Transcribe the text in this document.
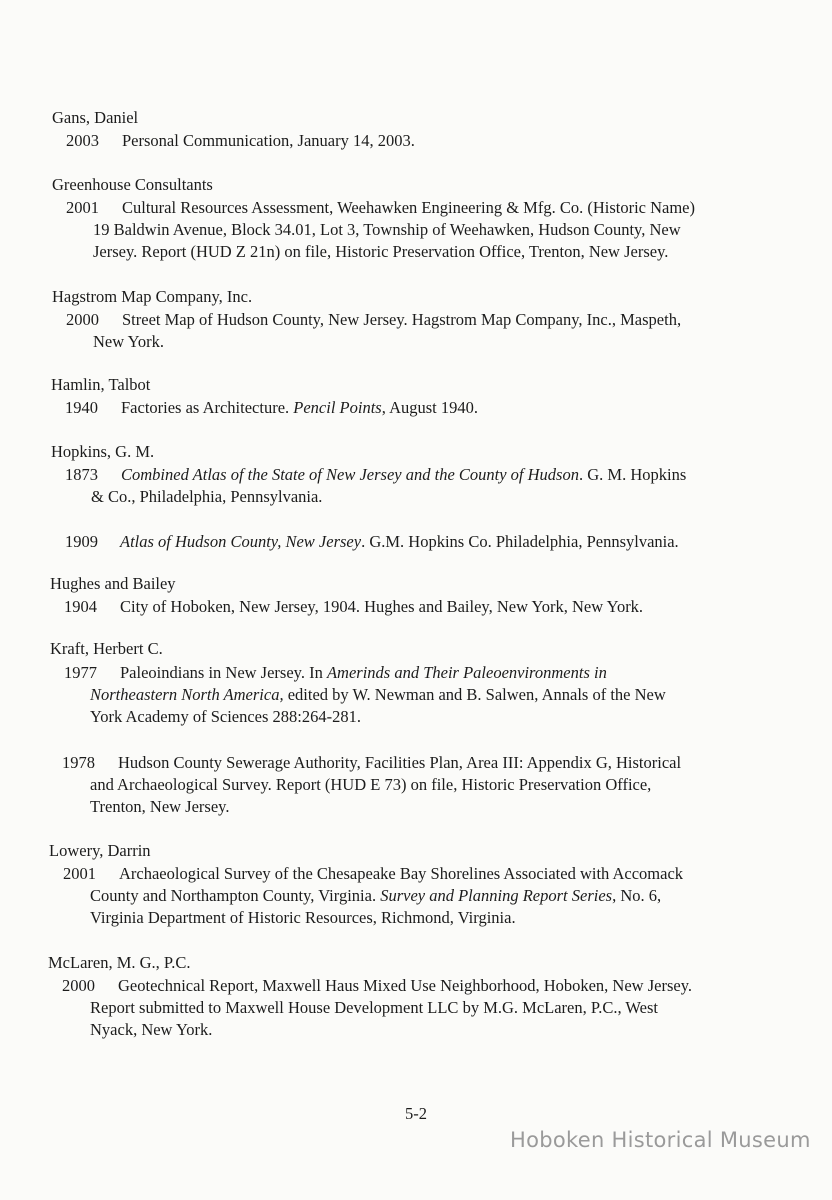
Gans, Daniel
2003 Personal Communication, January 14, 2003.
Greenhouse Consultants
2001 Cultural Resources Assessment, Weehawken Engineering & Mfg. Co. (Historic Name)
19 Baldwin Avenue, Block 34.01, Lot 3, Township of Weehawken, Hudson County, New
Jersey. Report (HUD Z 21n) on file, Historic Preservation Office, Trenton, New Jersey.
Hagstrom Map Company, Inc.
2000 Street Map of Hudson County, New Jersey. Hagstrom Map Company, Inc., Maspeth,
New York.
Hamlin, Talbot
1940 Factories as Architecture. Pencil Points, August 1940.
Hopkins, G. M.
1873 Combined Atlas of the State of New Jersey and the County of Hudson. G. M. Hopkins
& Co., Philadelphia, Pennsylvania.
1909 Atlas of Hudson County, New Jersey. G.M. Hopkins Co. Philadelphia, Pennsylvania.
Hughes and Bailey
1904 City of Hoboken, New Jersey, 1904. Hughes and Bailey, New York, New York.
Kraft, Herbert C.
1977 Paleoindians in New Jersey. In Amerinds and Their Paleoenvironments in
Northeastern North America, edited by W. Newman and B. Salwen, Annals of the New
York Academy of Sciences 288:264-281.
1978 Hudson County Sewerage Authority, Facilities Plan, Area III: Appendix G, Historical
and Archaeological Survey. Report (HUD E 73) on file, Historic Preservation Office,
Trenton, New Jersey.
Lowery, Darrin
2001 Archaeological Survey of the Chesapeake Bay Shorelines Associated with Accomack
County and Northampton County, Virginia. Survey and Planning Report Series, No. 6,
Virginia Department of Historic Resources, Richmond, Virginia.
McLaren, M. G., P.C.
2000 Geotechnical Report, Maxwell Haus Mixed Use Neighborhood, Hoboken, New Jersey.
Report submitted to Maxwell House Development LLC by M.G. McLaren, P.C., West
Nyack, New York.
5-2
Hoboken Historical Museum
